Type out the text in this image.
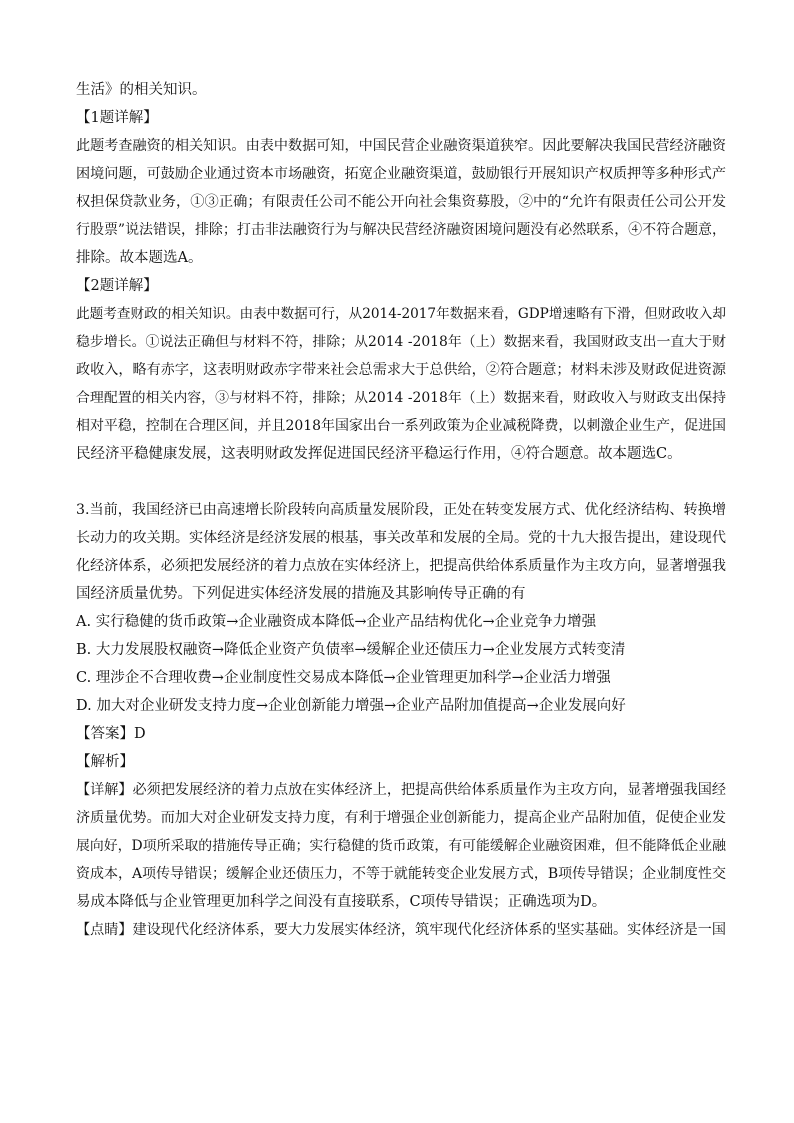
生活》的相关知识。
【1题详解】
此题考查融资的相关知识。由表中数据可知，中国民营企业融资渠道狭窄。因此要解决我国民营经济融资
困境问题，可鼓励企业通过资本市场融资，拓宽企业融资渠道，鼓励银行开展知识产权质押等多种形式产
权担保贷款业务，①③正确；有限责任公司不能公开向社会集资募股，②中的“允许有限责任公司公开发
行股票”说法错误，排除；打击非法融资行为与解决民营经济融资困境问题没有必然联系，④不符合题意，
排除。故本题选A。
【2题详解】
此题考查财政的相关知识。由表中数据可行，从2014-2017年数据来看，GDP增速略有下滑，但财政收入却
稳步增长。①说法正确但与材料不符，排除；从2014 -2018年（上）数据来看，我国财政支出一直大于财
政收入，略有赤字，这表明财政赤字带来社会总需求大于总供给，②符合题意；材料未涉及财政促进资源
合理配置的相关内容，③与材料不符，排除；从2014 -2018年（上）数据来看，财政收入与财政支出保持
相对平稳，控制在合理区间，并且2018年国家出台一系列政策为企业减税降费，以刺激企业生产，促进国
民经济平稳健康发展，这表明财政发挥促进国民经济平稳运行作用，④符合题意。故本题选C。
3.当前，我国经济已由高速增长阶段转向高质量发展阶段，正处在转变发展方式、优化经济结构、转换增
长动力的攻关期。实体经济是经济发展的根基，事关改革和发展的全局。党的十九大报告提出，建设现代
化经济体系，必须把发展经济的着力点放在实体经济上，把提高供给体系质量作为主攻方向，显著增强我
国经济质量优势。下列促进实体经济发展的措施及其影响传导正确的有
A. 实行稳健的货币政策→企业融资成本降低→企业产品结构优化→企业竞争力增强
B. 大力发展股权融资→降低企业资产负债率→缓解企业还债压力→企业发展方式转变清
C. 理涉企不合理收费→企业制度性交易成本降低→企业管理更加科学→企业活力增强
D. 加大对企业研发支持力度→企业创新能力增强→企业产品附加值提高→企业发展向好
【答案】D
【解析】
【详解】必须把发展经济的着力点放在实体经济上，把提高供给体系质量作为主攻方向，显著增强我国经
济质量优势。而加大对企业研发支持力度，有利于增强企业创新能力，提高企业产品附加值，促使企业发
展向好，D项所采取的措施传导正确；实行稳健的货币政策，有可能缓解企业融资困难，但不能降低企业融
资成本，A项传导错误；缓解企业还债压力，不等于就能转变企业发展方式，B项传导错误；企业制度性交
易成本降低与企业管理更加科学之间没有直接联系，C项传导错误；正确选项为D。
【点睛】建设现代化经济体系，要大力发展实体经济，筑牢现代化经济体系的坚实基础。实体经济是一国
